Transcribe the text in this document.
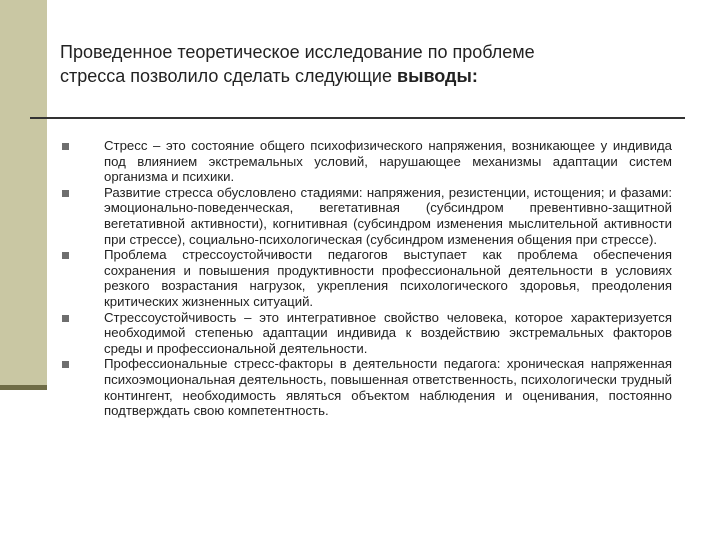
Проведенное теоретическое исследование по проблеме
стресса позволило сделать следующие выводы:
Стресс – это состояние общего психофизического напряжения, возникающее у индивида под влиянием экстремальных условий, нарушающее механизмы адаптации систем организма и психики.
Развитие стресса обусловлено стадиями: напряжения, резистенции, истощения; и фазами: эмоционально-поведенческая, вегетативная (субсиндром превентивно-защитной вегетативной активности), когнитивная (субсиндром изменения мыслительной активности при стрессе), социально-психологическая (субсиндром изменения общения при стрессе).
Проблема стрессоустойчивости педагогов выступает как проблема обеспечения сохранения и повышения продуктивности профессиональной деятельности в условиях резкого возрастания нагрузок, укрепления психологического здоровья, преодоления критических жизненных ситуаций.
Стрессоустойчивость – это интегративное свойство человека, которое характеризуется необходимой степенью адаптации индивида к воздействию экстремальных факторов среды и профессиональной деятельности.
Профессиональные стресс-факторы в деятельности педагога: хроническая напряженная психоэмоциональная деятельность, повышенная ответственность, психологически трудный контингент, необходимость являться объектом наблюдения и оценивания, постоянно подтверждать свою компетентность.
